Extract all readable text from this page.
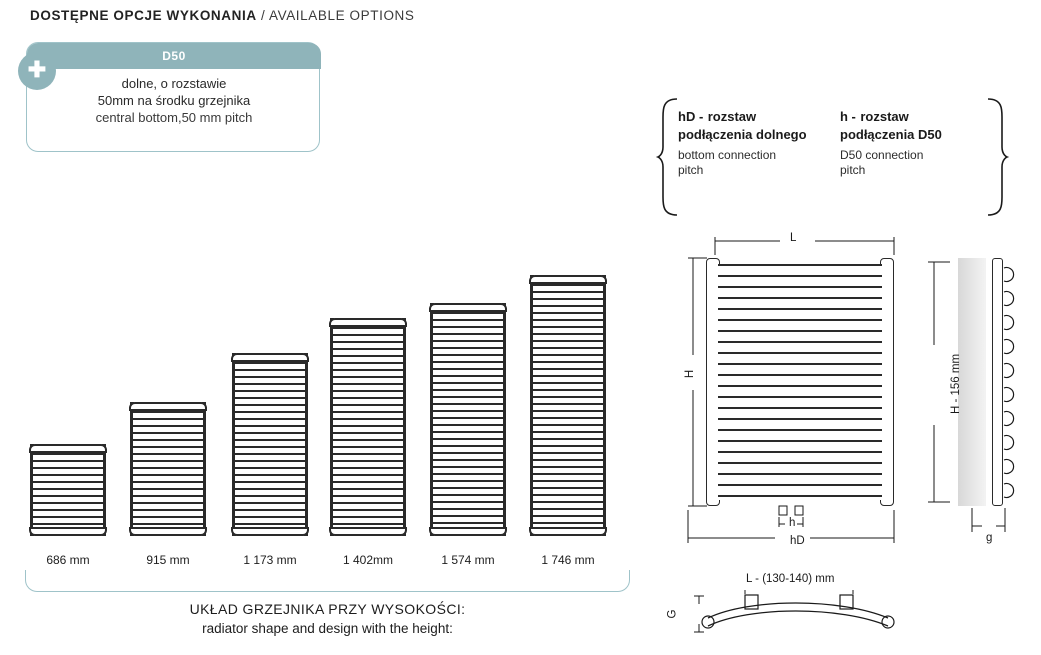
DOSTĘPNE OPCJE WYKONANIA / AVAILABLE OPTIONS
D50
dolne, o rozstawie
50mm na środku grzejnika
central bottom,50 mm pitch
✚
hD - rozstaw podłączenia dolnego
bottom connection
pitch
h - rozstaw podłączenia D50
D50 connection
pitch
686 mm	915 mm	1 173 mm	1 402mm	1 574 mm	1 746 mm
UKŁAD GRZEJNIKA PRZY WYSOKOŚCI:
radiator shape and design with the height:
L
H
h
hD
H - 156 mm
g
L - (130-140) mm
G
